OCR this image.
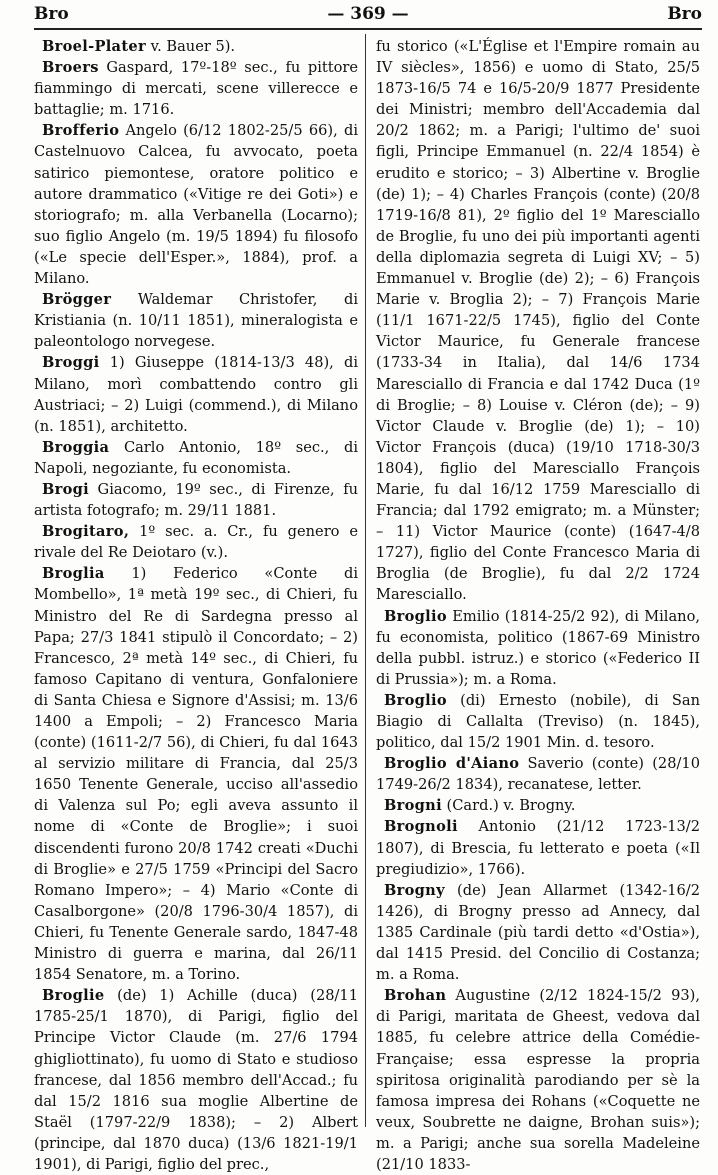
Bro	— 369 —	Bro

Broel-Plater v. Bauer 5).

Broers Gaspard, 17º-18º sec., fu pittore fiammingo di mercati, scene villerecce e battaglie; m. 1716.

Brofferio Angelo (6/12 1802-25/5 66), di Castelnuovo Calcea, fu avvocato, poeta satirico piemontese, oratore politico e autore drammatico («Vitige re dei Goti») e storiografo; m. alla Verbanella (Locarno); suo figlio Angelo (m. 19/5 1894) fu filosofo («Le specie dell'Esper.», 1884), prof. a Milano.

Brögger Waldemar Christofer, di Kristiania (n. 10/11 1851), mineralogista e paleontologo norvegese.

Broggi 1) Giuseppe (1814-13/3 48), di Milano, morì combattendo contro gli Austriaci; – 2) Luigi (commend.), di Milano (n. 1851), architetto.

Broggia Carlo Antonio, 18º sec., di Napoli, negoziante, fu economista.

Brogi Giacomo, 19º sec., di Firenze, fu artista fotografo; m. 29/11 1881.

Brogitaro, 1º sec. a. Cr., fu genero e rivale del Re Deiotaro (v.).

Broglia 1) Federico «Conte di Mombello», 1ª metà 19º sec., di Chieri, fu Ministro del Re di Sardegna presso al Papa; 27/3 1841 stipulò il Concordato; – 2) Francesco, 2ª metà 14º sec., di Chieri, fu famoso Capitano di ventura, Gonfaloniere di Santa Chiesa e Signore d'Assisi; m. 13/6 1400 a Empoli; – 2) Francesco Maria (conte) (1611-2/7 56), di Chieri, fu dal 1643 al servizio militare di Francia, dal 25/3 1650 Tenente Generale, ucciso all'assedio di Valenza sul Po; egli aveva assunto il nome di «Conte de Broglie»; i suoi discendenti furono 20/8 1742 creati «Duchi di Broglie» e 27/5 1759 «Principi del Sacro Romano Impero»; – 4) Mario «Conte di Casalborgone» (20/8 1796-30/4 1857), di Chieri, fu Tenente Generale sardo, 1847-48 Ministro di guerra e marina, dal 26/11 1854 Senatore, m. a Torino.

Broglie (de) 1) Achille (duca) (28/11 1785-25/1 1870), di Parigi, figlio del Principe Victor Claude (m. 27/6 1794 ghigliottinato), fu uomo di Stato e studioso francese, dal 1856 membro dell'Accad.; fu dal 15/2 1816 sua moglie Albertine de Staël (1797-22/9 1838); – 2) Albert (principe, dal 1870 duca) (13/6 1821-19/1 1901), di Parigi, figlio del prec.,

fu storico («L'Église et l'Empire romain au IV siècles», 1856) e uomo di Stato, 25/5 1873-16/5 74 e 16/5-20/9 1877 Presidente dei Ministri; membro dell'Accademia dal 20/2 1862; m. a Parigi; l'ultimo de' suoi figli, Principe Emmanuel (n. 22/4 1854) è erudito e storico; – 3) Albertine v. Broglie (de) 1); – 4) Charles François (conte) (20/8 1719-16/8 81), 2º figlio del 1º Maresciallo de Broglie, fu uno dei più importanti agenti della diplomazia segreta di Luigi XV; – 5) Emmanuel v. Broglie (de) 2); – 6) François Marie v. Broglia 2); – 7) François Marie (11/1 1671-22/5 1745), figlio del Conte Victor Maurice, fu Generale francese (1733-34 in Italia), dal 14/6 1734 Maresciallo di Francia e dal 1742 Duca (1º di Broglie; – 8) Louise v. Cléron (de); – 9) Victor Claude v. Broglie (de) 1); – 10) Victor François (duca) (19/10 1718-30/3 1804), figlio del Maresciallo François Marie, fu dal 16/12 1759 Maresciallo di Francia; dal 1792 emigrato; m. a Münster; – 11) Victor Maurice (conte) (1647-4/8 1727), figlio del Conte Francesco Maria di Broglia (de Broglie), fu dal 2/2 1724 Maresciallo.

Broglio Emilio (1814-25/2 92), di Milano, fu economista, politico (1867-69 Ministro della pubbl. istruz.) e storico («Federico II di Prussia»); m. a Roma.

Broglio (di) Ernesto (nobile), di San Biagio di Callalta (Treviso) (n. 1845), politico, dal 15/2 1901 Min. d. tesoro.

Broglio d'Aiano Saverio (conte) (28/10 1749-26/2 1834), recanatese, letter.

Brogni (Card.) v. Brogny.

Brognoli Antonio (21/12 1723-13/2 1807), di Brescia, fu letterato e poeta («Il pregiudizio», 1766).

Brogny (de) Jean Allarmet (1342-16/2 1426), di Brogny presso ad Annecy, dal 1385 Cardinale (più tardi detto «d'Ostia»), dal 1415 Presid. del Concilio di Costanza; m. a Roma.

Brohan Augustine (2/12 1824-15/2 93), di Parigi, maritata de Gheest, vedova dal 1885, fu celebre attrice della Comédie-Française; essa espresse la propria spiritosa originalità parodiando per sè la famosa impresa dei Rohans («Coquette ne veux, Soubrette ne daigne, Brohan suis»); m. a Parigi; anche sua sorella Madeleine (21/10 1833-
